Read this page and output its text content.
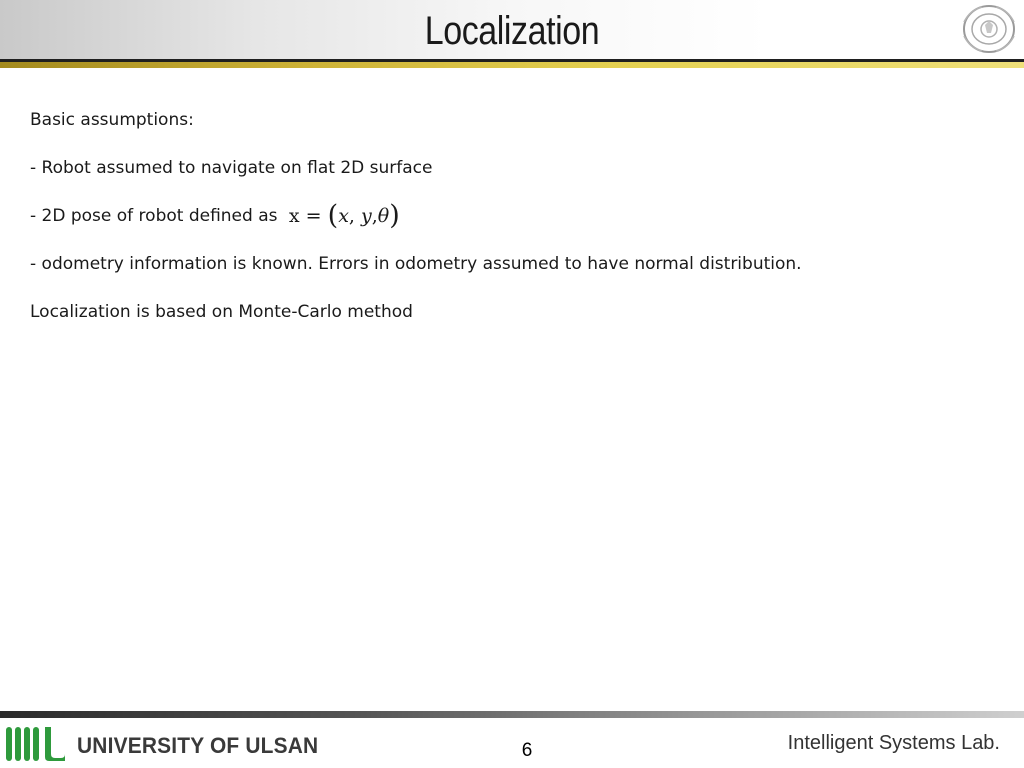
Localization
Basic assumptions:
- Robot assumed to navigate on flat 2D surface
- 2D pose of robot defined as x = (x, y,θ)
- odometry information is known. Errors in odometry assumed to have normal distribution.
Localization is based on Monte-Carlo method
UNIVERSITY OF ULSAN	6	Intelligent Systems Lab.
